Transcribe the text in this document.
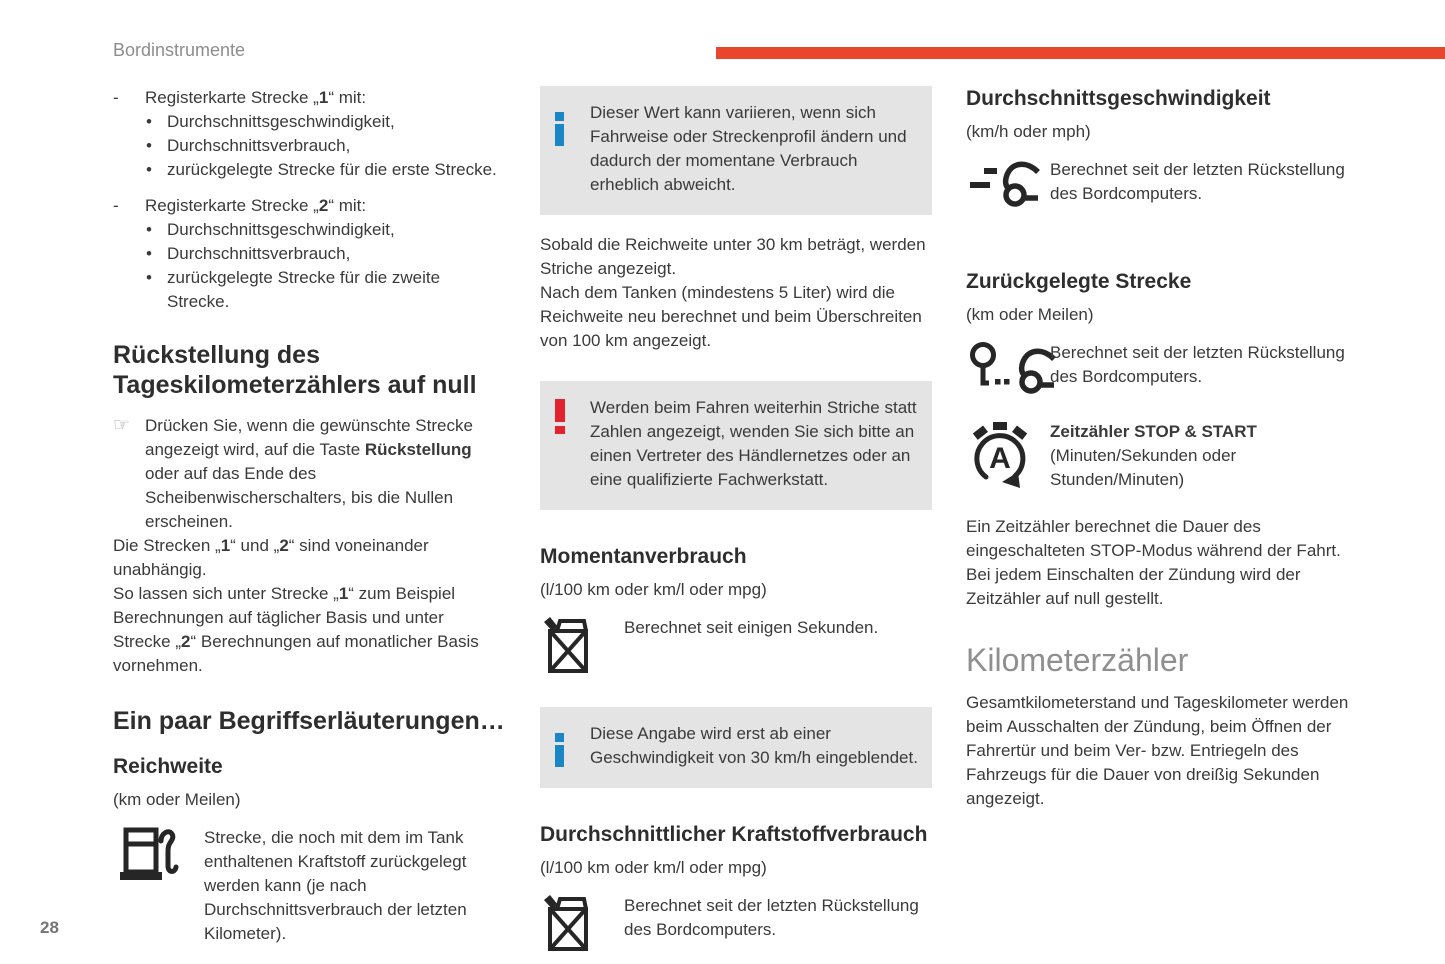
Bordinstrumente
-	Registerkarte Strecke „1“ mit:
• Durchschnittsgeschwindigkeit,
• Durchschnittsverbrauch,
• zurückgelegte Strecke für die erste Strecke.
-	Registerkarte Strecke „2“ mit:
• Durchschnittsgeschwindigkeit,
• Durchschnittsverbrauch,
• zurückgelegte Strecke für die zweite Strecke.
Rückstellung des Tageskilometerzählers auf null
☞ Drücken Sie, wenn die gewünschte Strecke angezeigt wird, auf die Taste Rückstellung oder auf das Ende des Scheibenwischerschalters, bis die Nullen erscheinen.

Die Strecken „1“ und „2“ sind voneinander unabhängig.

So lassen sich unter Strecke „1“ zum Beispiel Berechnungen auf täglicher Basis und unter Strecke „2“ Berechnungen auf monatlicher Basis vornehmen.

Ein paar Begriffserläuterungen…
Reichweite

(km oder Meilen)

Strecke, die noch mit dem im Tank enthaltenen Kraftstoff zurückgelegt werden kann (je nach Durchschnittsverbrauch der letzten Kilometer).

Dieser Wert kann variieren, wenn sich Fahrweise oder Streckenprofil ändern und dadurch der momentane Verbrauch erheblich abweicht.

Sobald die Reichweite unter 30 km beträgt, werden Striche angezeigt.

Nach dem Tanken (mindestens 5 Liter) wird die Reichweite neu berechnet und beim Überschreiten von 100 km angezeigt.

Werden beim Fahren weiterhin Striche statt Zahlen angezeigt, wenden Sie sich bitte an einen Vertreter des Händlernetzes oder an eine qualifizierte Fachwerkstatt.

Momentanverbrauch

(l/100 km oder km/l oder mpg)

Berechnet seit einigen Sekunden.

Diese Angabe wird erst ab einer Geschwindigkeit von 30 km/h eingeblendet.

Durchschnittlicher Kraftstoffverbrauch

(l/100 km oder km/l oder mpg)

Berechnet seit der letzten Rückstellung des Bordcomputers.

Durchschnittsgeschwindigkeit

(km/h oder mph)

Berechnet seit der letzten Rückstellung des Bordcomputers.

Zurückgelegte Strecke

(km oder Meilen)

Berechnet seit der letzten Rückstellung des Bordcomputers.

A

Zeitzähler STOP & START

(Minuten/Sekunden oder Stunden/Minuten)

Ein Zeitzähler berechnet die Dauer des eingeschalteten STOP-Modus während der Fahrt. Bei jedem Einschalten der Zündung wird der Zeitzähler auf null gestellt.

Kilometerzähler

Gesamtkilometerstand und Tageskilometer werden beim Ausschalten der Zündung, beim Öffnen der Fahrertür und beim Ver- bzw. Entriegeln des Fahrzeugs für die Dauer von dreißig Sekunden angezeigt.

28
